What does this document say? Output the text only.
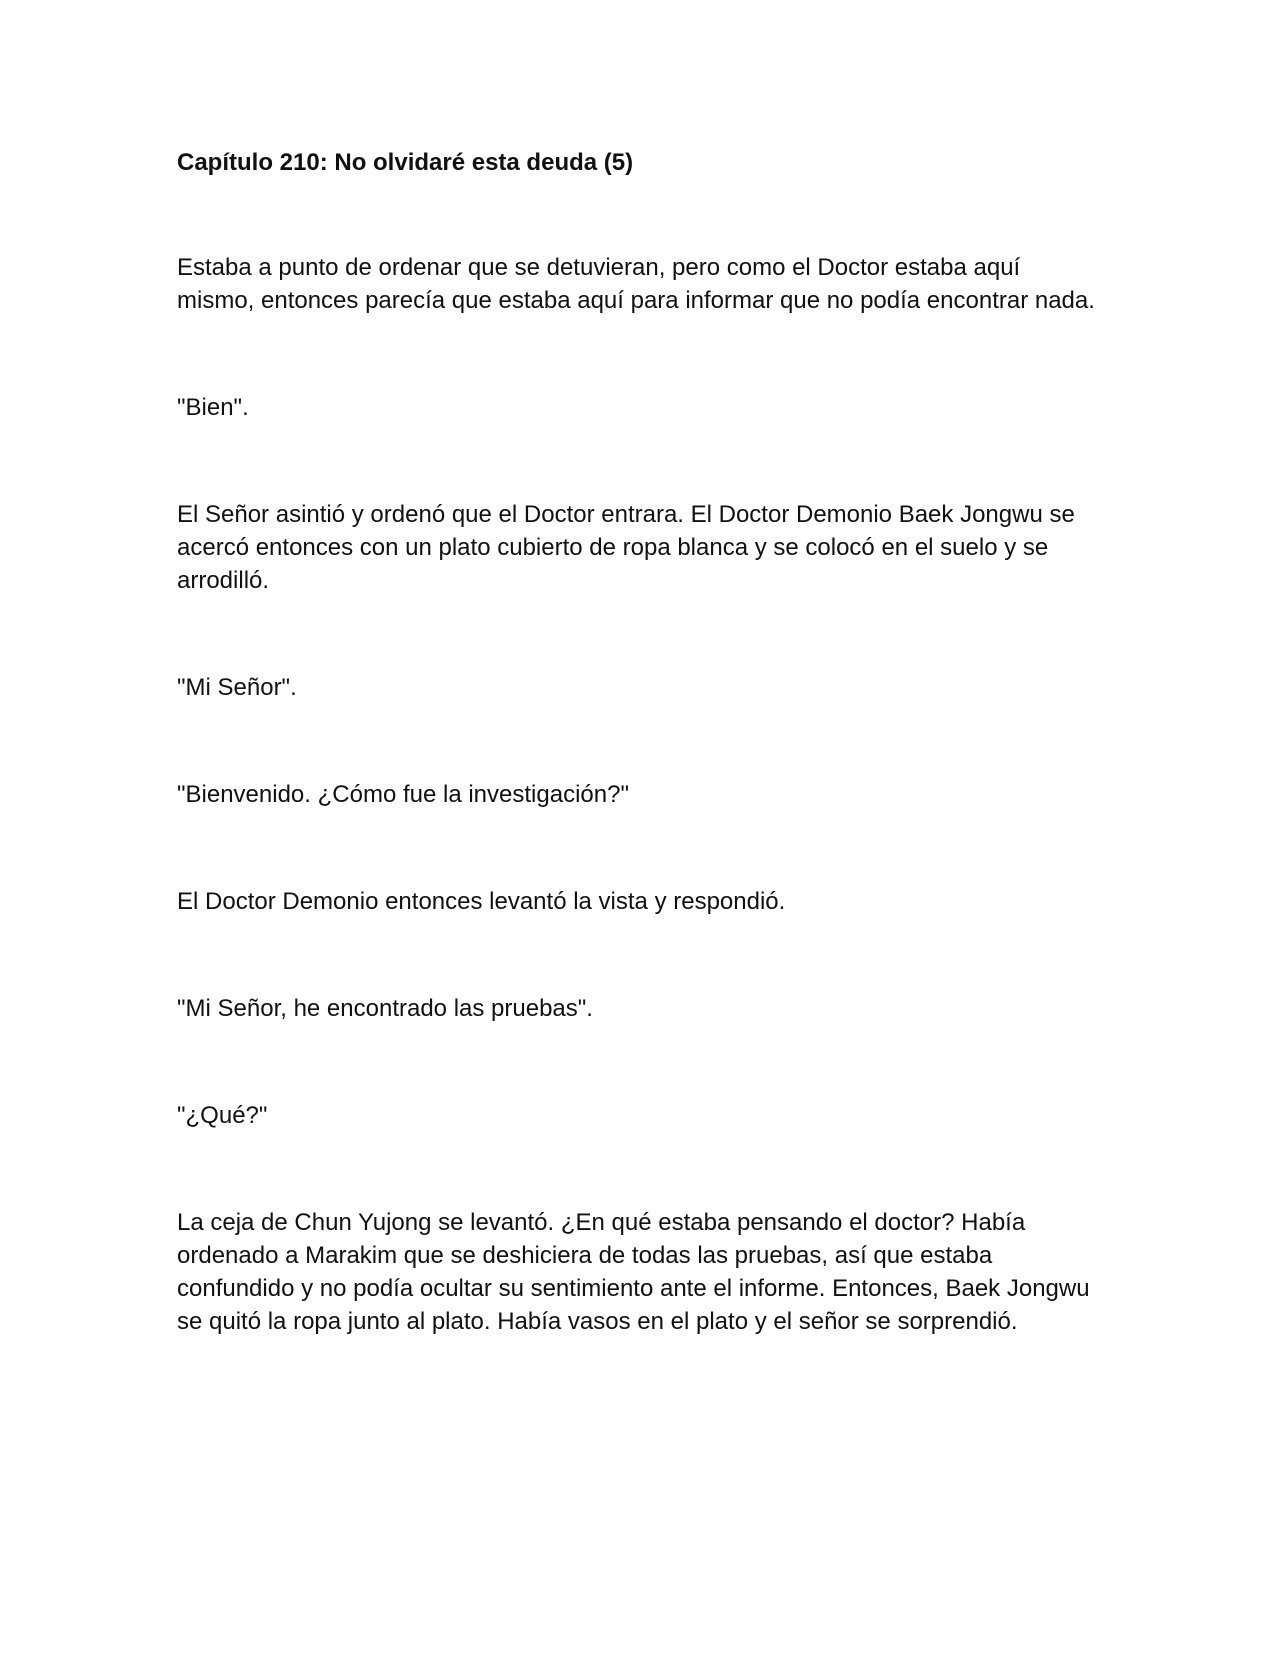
Capítulo 210: No olvidaré esta deuda (5)

Estaba a punto de ordenar que se detuvieran, pero como el Doctor estaba aquí mismo, entonces parecía que estaba aquí para informar que no podía encontrar nada.

"Bien".

El Señor asintió y ordenó que el Doctor entrara. El Doctor Demonio Baek Jongwu se acercó entonces con un plato cubierto de ropa blanca y se colocó en el suelo y se arrodilló.

"Mi Señor".

"Bienvenido. ¿Cómo fue la investigación?"

El Doctor Demonio entonces levantó la vista y respondió.

"Mi Señor, he encontrado las pruebas".

"¿Qué?"

La ceja de Chun Yujong se levantó. ¿En qué estaba pensando el doctor? Había ordenado a Marakim que se deshiciera de todas las pruebas, así que estaba confundido y no podía ocultar su sentimiento ante el informe. Entonces, Baek Jongwu se quitó la ropa junto al plato. Había vasos en el plato y el señor se sorprendió.
